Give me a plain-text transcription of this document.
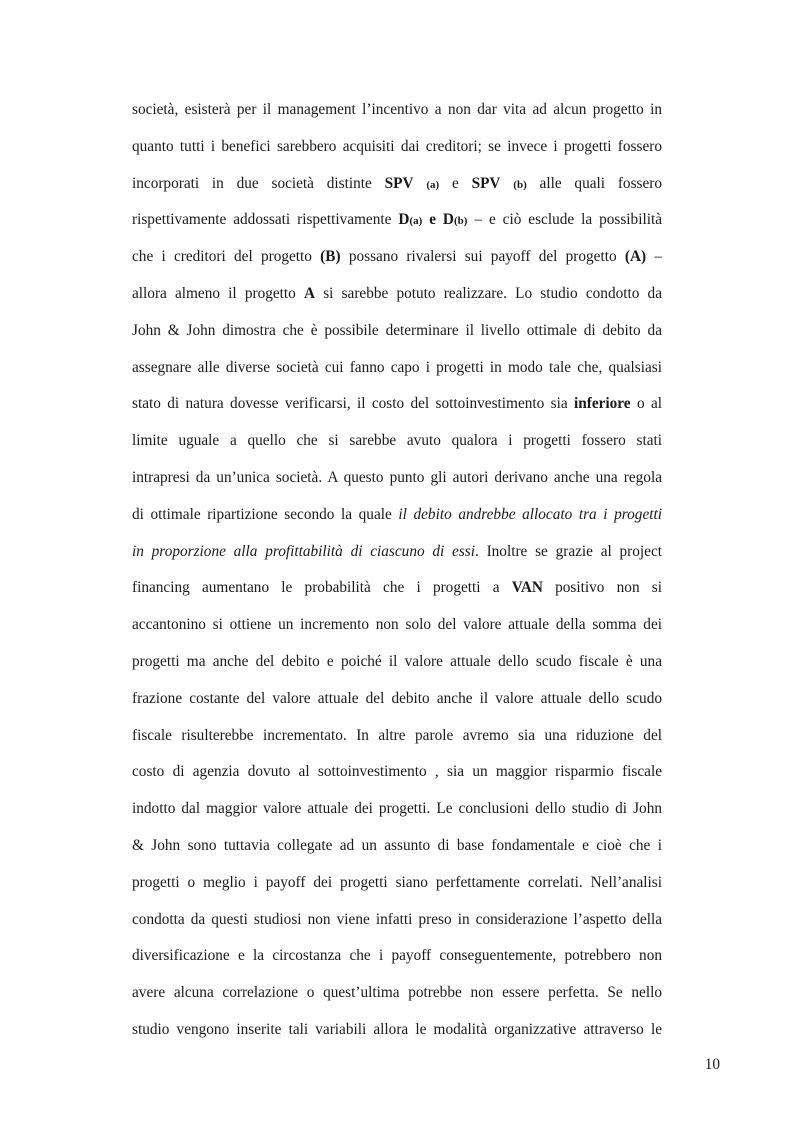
società, esisterà per il management l’incentivo a non dar vita ad alcun progetto in
quanto tutti i benefici sarebbero acquisiti dai creditori; se invece i progetti fossero
incorporati in due società distinte SPV (a) e SPV (b) alle quali fossero
rispettivamente addossati rispettivamente D(a) e D(b) – e ciò esclude la possibilità
che i creditori del progetto (B) possano rivalersi sui payoff del progetto (A) –
allora almeno il progetto A si sarebbe potuto realizzare. Lo studio condotto da
John & John dimostra che è possibile determinare il livello ottimale di debito da
assegnare alle diverse società cui fanno capo i progetti in modo tale che, qualsiasi
stato di natura dovesse verificarsi, il costo del sottoinvestimento sia inferiore o al
limite uguale a quello che si sarebbe avuto qualora i progetti fossero stati
intrapresi da un’unica società. A questo punto gli autori derivano anche una regola
di ottimale ripartizione secondo la quale il debito andrebbe allocato tra i progetti
in proporzione alla profittabilità di ciascuno di essi. Inoltre se grazie al project
financing aumentano le probabilità che i progetti a VAN positivo non si
accantonino si ottiene un incremento non solo del valore attuale della somma dei
progetti ma anche del debito e poiché il valore attuale dello scudo fiscale è una
frazione costante del valore attuale del debito anche il valore attuale dello scudo
fiscale risulterebbe incrementato. In altre parole avremo sia una riduzione del
costo di agenzia dovuto al sottoinvestimento , sia un maggior risparmio fiscale
indotto dal maggior valore attuale dei progetti. Le conclusioni dello studio di John
& John sono tuttavia collegate ad un assunto di base fondamentale e cioè che i
progetti o meglio i payoff dei progetti siano perfettamente correlati. Nell’analisi
condotta da questi studiosi non viene infatti preso in considerazione l’aspetto della
diversificazione e la circostanza che i payoff conseguentemente, potrebbero non
avere alcuna correlazione o quest’ultima potrebbe non essere perfetta. Se nello
studio vengono inserite tali variabili allora le modalità organizzative attraverso le
10
